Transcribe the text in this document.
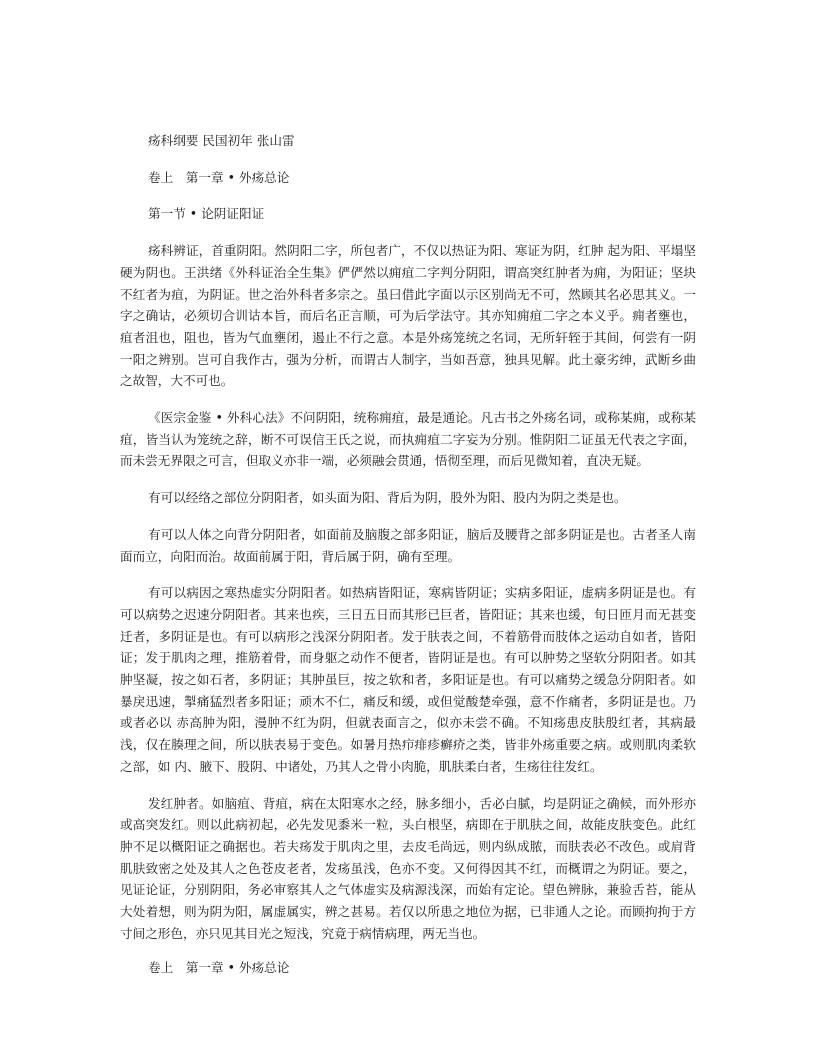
疡科纲要 民国初年 张山雷

卷上　第一章 • 外疡总论

第一节 • 论阴证阳证

疡科辨证，首重阴阳。然阴阳二字，所包者广，不仅以热证为阳、寒证为阴，红肿 起为阳、平塌坚硬为阴也。王洪绪《外科证治全生集》俨俨然以痈疽二字判分阴阳，谓高突红肿者为痈，为阳证；坚块不红者为疽，为阴证。世之治外科者多宗之。虽曰借此字面以示区别尚无不可，然顾其名必思其义。一字之确诂，必须切合训诂本旨，而后名正言顺，可为后学法守。其亦知痈疽二字之本义乎。痈者壅也，疽者沮也，阻也，皆为气血壅闭，遏止不行之意。本是外疡笼统之名词，无所轩轾于其间，何尝有一阴一阳之辨别。岂可自我作古，强为分析，而谓古人制字，当如吾意，独具见解。此土豪劣绅，武断乡曲之故智，大不可也。

《医宗金鉴 • 外科心法》不问阴阳，统称痈疽，最是通论。凡古书之外疡名词，或称某痈，或称某疽，皆当认为笼统之辞，断不可误信王氏之说，而执痈疽二字妄为分别。惟阴阳二证虽无代表之字面，而未尝无界限之可言，但取义亦非一端，必须融会贯通，悟彻至理，而后见微知着，直决无疑。

有可以经络之部位分阴阳者，如头面为阳、背后为阴，股外为阳、股内为阴之类是也。

有可以人体之向背分阴阳者，如面前及脑腹之部多阳证，脑后及腰背之部多阴证是也。古者圣人南面而立，向阳而治。故面前属于阳，背后属于阴，确有至理。

有可以病因之寒热虚实分阴阳者。如热病皆阳证，寒病皆阴证；实病多阳证，虚病多阴证是也。有可以病势之迟速分阴阳者。其来也疾，三日五日而其形已巨者，皆阳证；其来也缓，旬日匝月而无甚变迁者，多阴证是也。有可以病形之浅深分阴阳者。发于肤表之间，不着筋骨而肢体之运动自如者，皆阳证；发于肌肉之理，推筋着骨，而身躯之动作不便者，皆阴证是也。有可以肿势之坚软分阴阳者。如其肿坚凝，按之如石者，多阴证；其肿虽巨，按之软和者，多阳证是也。有可以痛势之缓急分阴阳者。如暴戾迅速，掣痛猛烈者多阳证；顽木不仁，痛反和缓，或但觉酸楚牵强，意不作痛者，多阴证是也。乃或者必以 赤高肿为阳，漫肿不红为阴，但就表面言之，似亦未尝不确。不知疡患皮肤殷红者，其病最浅，仅在腠理之间，所以肤表易于变色。如暑月热疖痱疹癣疥之类，皆非外疡重要之病。或则肌肉柔软之部，如 内、腋下、股阴、中诸处，乃其人之骨小肉脆，肌肤柔白者，生疡往往发红。

发红肿者。如脑疽、背疽，病在太阳寒水之经，脉多细小，舌必白腻，均是阴证之确候，而外形亦或高突发红。则以此病初起，必先发见黍米一粒，头白根坚，病即在于肌肤之间，故能皮肤变色。此红肿不足以概阳证之确据也。若夫疡发于肌肉之里，去皮毛尚远，则内纵成脓，而肤表必不改色。或肩背肌肤致密之处及其人之色苍皮老者，发疡虽浅，色亦不变。又何得因其不红，而概谓之为阴证。要之，见证论证，分别阴阳，务必审察其人之气体虚实及病源浅深，而始有定论。望色辨脉，兼验舌苔，能从大处着想，则为阴为阳，属虚属实，辨之甚易。若仅以所患之地位为据，已非通人之论。而顾拘拘于方寸间之形色，亦只见其目光之短浅，究竟于病情病理，两无当也。

卷上　第一章 • 外疡总论
